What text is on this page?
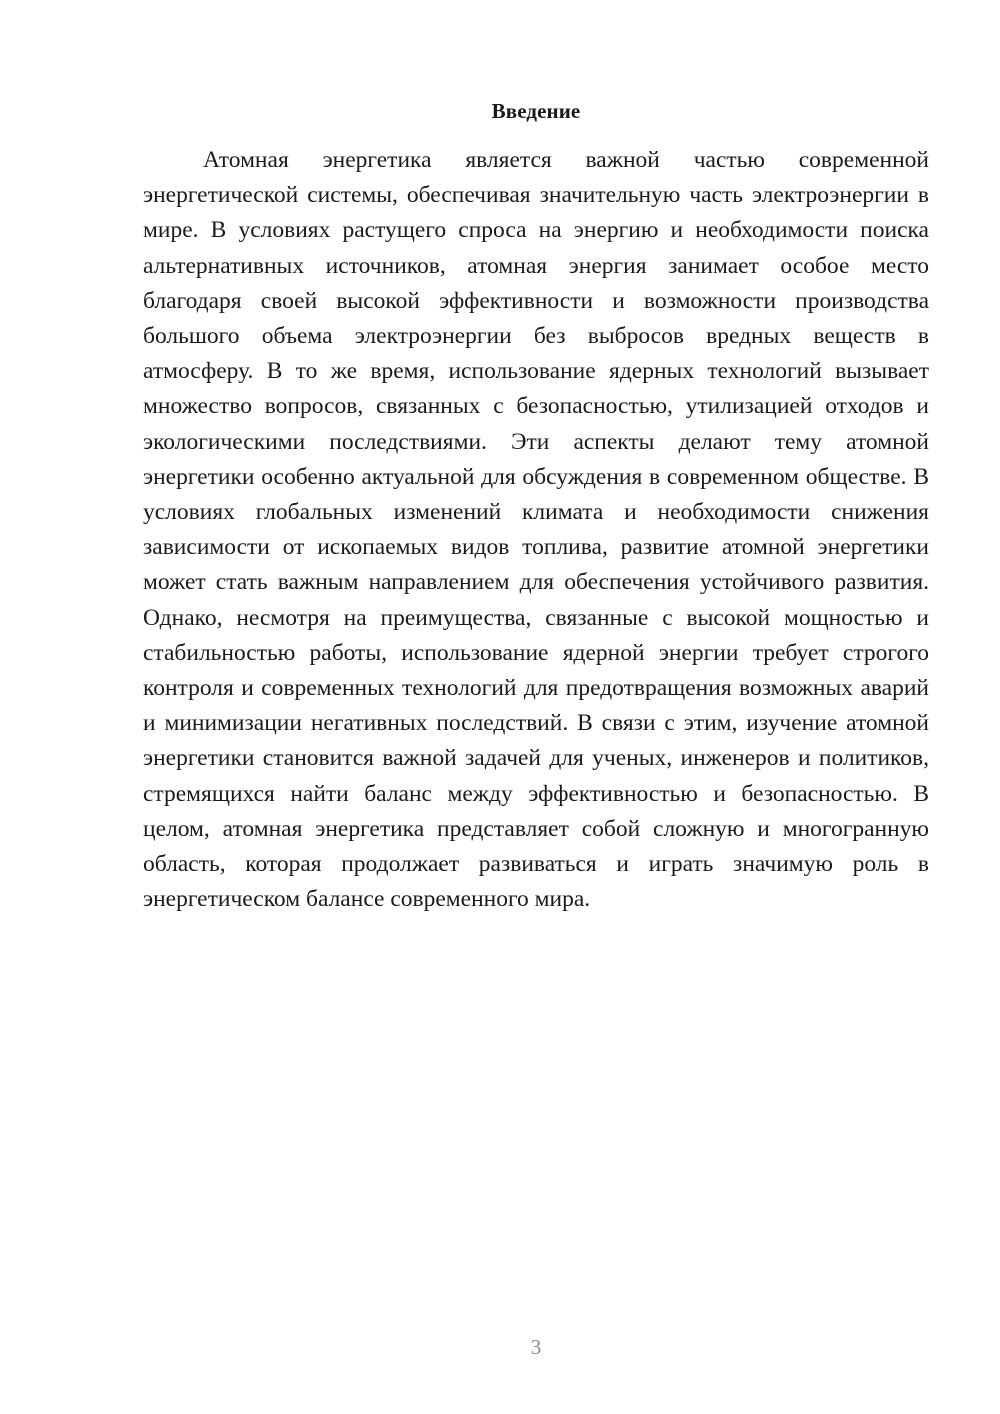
Введение

Атомная энергетика является важной частью современной энергетической системы, обеспечивая значительную часть электроэнергии в мире. В условиях растущего спроса на энергию и необходимости поиска альтернативных источников, атомная энергия занимает особое место благодаря своей высокой эффективности и возможности производства большого объема электроэнергии без выбросов вредных веществ в атмосферу. В то же время, использование ядерных технологий вызывает множество вопросов, связанных с безопасностью, утилизацией отходов и экологическими последствиями. Эти аспекты делают тему атомной энергетики особенно актуальной для обсуждения в современном обществе. В условиях глобальных изменений климата и необходимости снижения зависимости от ископаемых видов топлива, развитие атомной энергетики может стать важным направлением для обеспечения устойчивого развития. Однако, несмотря на преимущества, связанные с высокой мощностью и стабильностью работы, использование ядерной энергии требует строгого контроля и современных технологий для предотвращения возможных аварий и минимизации негативных последствий. В связи с этим, изучение атомной энергетики становится важной задачей для ученых, инженеров и политиков, стремящихся найти баланс между эффективностью и безопасностью. В целом, атомная энергетика представляет собой сложную и многогранную область, которая продолжает развиваться и играть значимую роль в энергетическом балансе современного мира.

3
